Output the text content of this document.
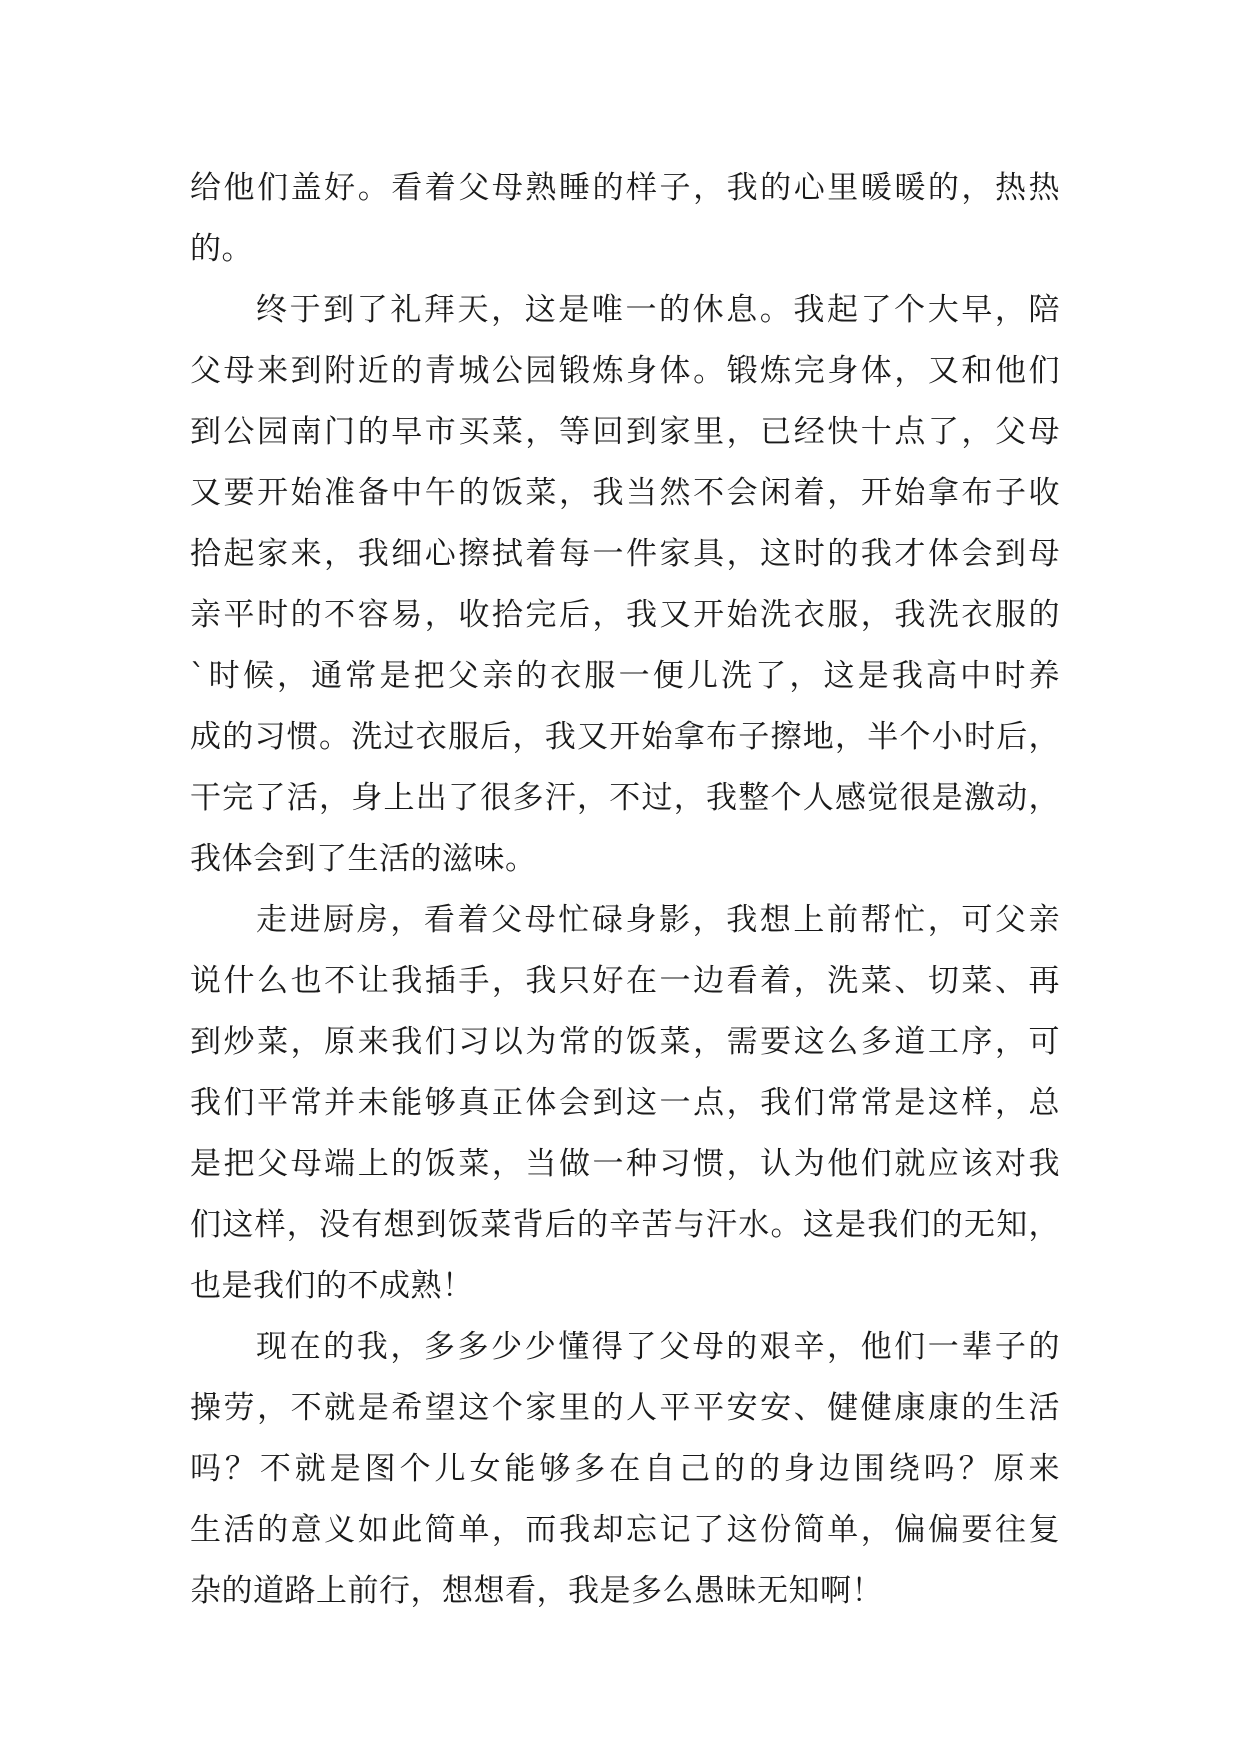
给他们盖好。看着父母熟睡的样子，我的心里暖暖的，热热
的。
终于到了礼拜天，这是唯一的休息。我起了个大早，陪
父母来到附近的青城公园锻炼身体。锻炼完身体，又和他们
到公园南门的早市买菜，等回到家里，已经快十点了，父母
又要开始准备中午的饭菜，我当然不会闲着，开始拿布子收
拾起家来，我细心擦拭着每一件家具，这时的我才体会到母
亲平时的不容易，收拾完后，我又开始洗衣服，我洗衣服的
`时候，通常是把父亲的衣服一便儿洗了，这是我高中时养
成的习惯。洗过衣服后，我又开始拿布子擦地，半个小时后，
干完了活，身上出了很多汗，不过，我整个人感觉很是激动，
我体会到了生活的滋味。
走进厨房，看着父母忙碌身影，我想上前帮忙，可父亲
说什么也不让我插手，我只好在一边看着，洗菜、切菜、再
到炒菜，原来我们习以为常的饭菜，需要这么多道工序，可
我们平常并未能够真正体会到这一点，我们常常是这样，总
是把父母端上的饭菜，当做一种习惯，认为他们就应该对我
们这样，没有想到饭菜背后的辛苦与汗水。这是我们的无知，
也是我们的不成熟！
现在的我，多多少少懂得了父母的艰辛，他们一辈子的
操劳，不就是希望这个家里的人平平安安、健健康康的生活
吗？不就是图个儿女能够多在自己的的身边围绕吗？原来
生活的意义如此简单，而我却忘记了这份简单，偏偏要往复
杂的道路上前行，想想看，我是多么愚昧无知啊！
